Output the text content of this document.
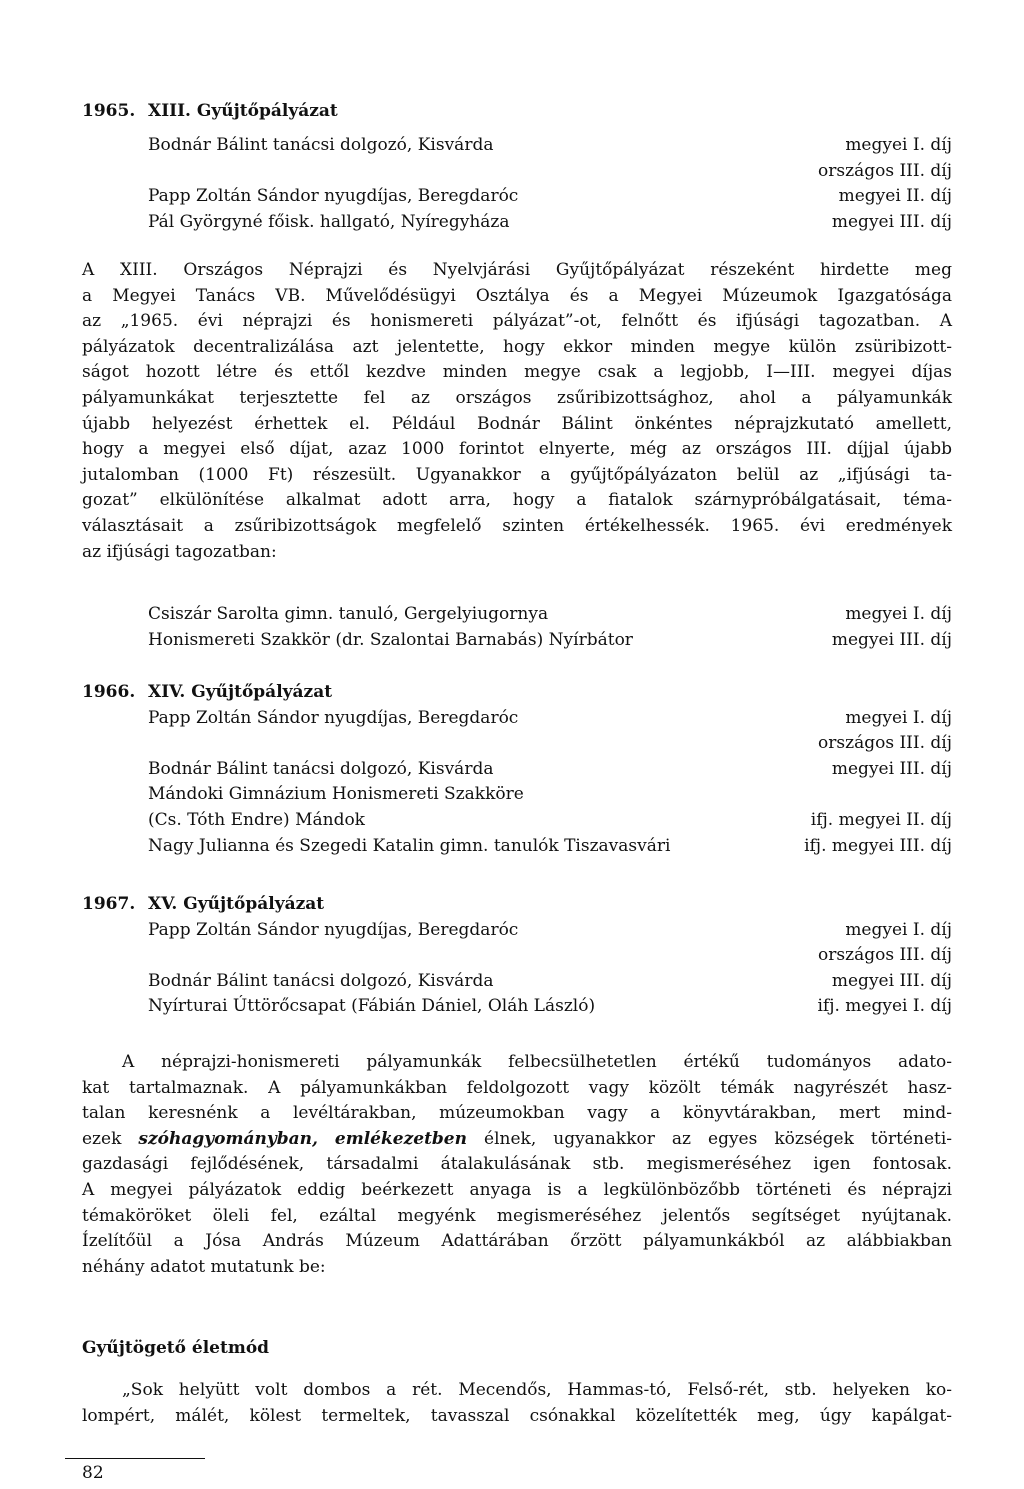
1965. XIII. Gyűjtőpályázat
Bodnár Bálint tanácsi dolgozó, Kisvárda	megyei I. díj
országos III. díj
Papp Zoltán Sándor nyugdíjas, Beregdaróc	megyei II. díj
Pál Györgyné főisk. hallgató, Nyíregyháza	megyei III. díj
A XIII. Országos Néprajzi és Nyelvjárási Gyűjtőpályázat részeként hirdette meg
a Megyei Tanács VB. Művelődésügyi Osztálya és a Megyei Múzeumok Igazgatósága
az „1965. évi néprajzi és honismereti pályázat”-ot, felnőtt és ifjúsági tagozatban. A
pályázatok decentralizálása azt jelentette, hogy ekkor minden megye külön zsüribizott-
ságot hozott létre és ettől kezdve minden megye csak a legjobb, I—III. megyei díjas
pályamunkákat terjesztette fel az országos zsűribizottsághoz, ahol a pályamunkák
újabb helyezést érhettek el. Például Bodnár Bálint önkéntes néprajzkutató amellett,
hogy a megyei első díjat, azaz 1000 forintot elnyerte, még az országos III. díjjal újabb
jutalomban (1000 Ft) részesült. Ugyanakkor a gyűjtőpályázaton belül az „ifjúsági ta-
gozat” elkülönítése alkalmat adott arra, hogy a fiatalok szárnypróbálgatásait, téma-
választásait a zsűribizottságok megfelelő szinten értékelhessék. 1965. évi eredmények
az ifjúsági tagozatban:
Csiszár Sarolta gimn. tanuló, Gergelyiugornya	megyei I. díj
Honismereti Szakkör (dr. Szalontai Barnabás) Nyírbátor	megyei III. díj
1966. XIV. Gyűjtőpályázat
Papp Zoltán Sándor nyugdíjas, Beregdaróc	megyei I. díj
országos III. díj
Bodnár Bálint tanácsi dolgozó, Kisvárda	megyei III. díj
Mándoki Gimnázium Honismereti Szakköre
(Cs. Tóth Endre) Mándok	ifj. megyei II. díj
Nagy Julianna és Szegedi Katalin gimn. tanulók Tiszavasvári	ifj. megyei III. díj
1967. XV. Gyűjtőpályázat
Papp Zoltán Sándor nyugdíjas, Beregdaróc	megyei I. díj
országos III. díj
Bodnár Bálint tanácsi dolgozó, Kisvárda	megyei III. díj
Nyírturai Úttörőcsapat (Fábián Dániel, Oláh László)	ifj. megyei I. díj
A néprajzi-honismereti pályamunkák felbecsülhetetlen értékű tudományos adato-
kat tartalmaznak. A pályamunkákban feldolgozott vagy közölt témák nagyrészét hasz-
talan keresnénk a levéltárakban, múzeumokban vagy a könyvtárakban, mert mind-
ezek szóhagyományban, emlékezetben élnek, ugyanakkor az egyes községek történeti-
gazdasági fejlődésének, társadalmi átalakulásának stb. megismeréséhez igen fontosak.
A megyei pályázatok eddig beérkezett anyaga is a legkülönbözőbb történeti és néprajzi
témaköröket öleli fel, ezáltal megyénk megismeréséhez jelentős segítséget nyújtanak.
Ízelítőül a Jósa András Múzeum Adattárában őrzött pályamunkákból az alábbiakban
néhány adatot mutatunk be:
Gyűjtögető életmód
„Sok helyütt volt dombos a rét. Mecendős, Hammas-tó, Felső-rét, stb. helyeken ko-
lompért, málét, kölest termeltek, tavasszal csónakkal közelítették meg, úgy kapálgat-
82
